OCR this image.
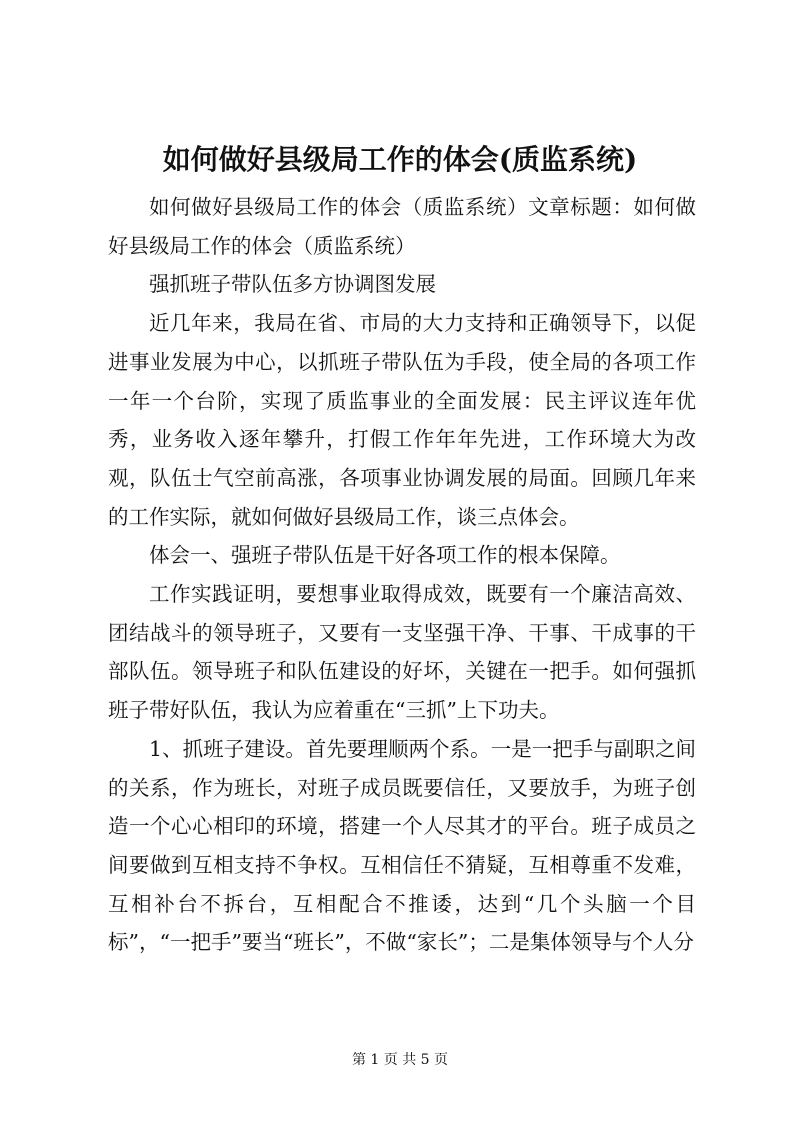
如何做好县级局工作的体会(质监系统)

如何做好县级局工作的体会（质监系统）文章标题：如何做好县级局工作的体会（质监系统）

强抓班子带队伍多方协调图发展

近几年来，我局在省、市局的大力支持和正确领导下，以促进事业发展为中心，以抓班子带队伍为手段，使全局的各项工作一年一个台阶，实现了质监事业的全面发展：民主评议连年优秀，业务收入逐年攀升，打假工作年年先进，工作环境大为改观，队伍士气空前高涨，各项事业协调发展的局面。回顾几年来的工作实际，就如何做好县级局工作，谈三点体会。

体会一、强班子带队伍是干好各项工作的根本保障。

工作实践证明，要想事业取得成效，既要有一个廉洁高效、团结战斗的领导班子，又要有一支坚强干净、干事、干成事的干部队伍。领导班子和队伍建设的好坏，关键在一把手。如何强抓班子带好队伍，我认为应着重在“三抓”上下功夫。

1、抓班子建设。首先要理顺两个系。一是一把手与副职之间的关系，作为班长，对班子成员既要信任，又要放手，为班子创造一个心心相印的环境，搭建一个人尽其才的平台。班子成员之间要做到互相支持不争权。互相信任不猜疑，互相尊重不发难，互相补台不拆台，互相配合不推诿，达到“几个头脑一个目标”，“一把手”要当“班长”，不做“家长”；二是集体领导与个人分

第 1 页 共 5 页
